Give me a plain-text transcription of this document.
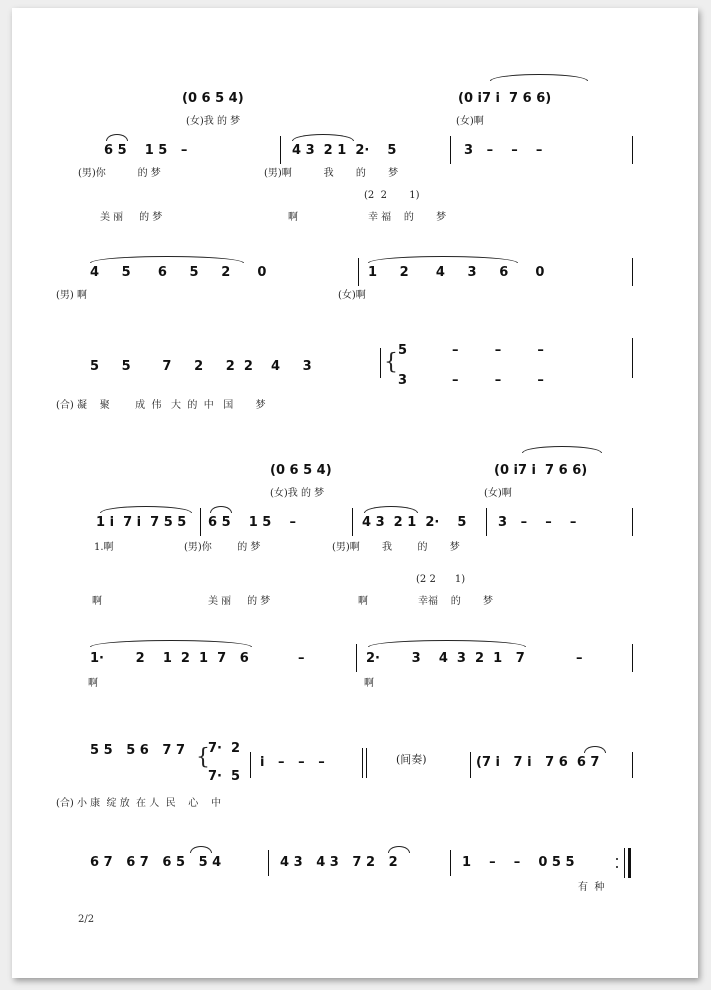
(0 6 5 4)
(女)我 的 梦
(0 i7 i  7 6 6)
(女)啊
6 5    1 5   –	4 3  2 1  2·    5	3   –    –    –
(男)你          的 梦	(男)啊          我       的       梦
(2  2       1)
美 丽     的 梦	啊	幸 福    的       梦
4     5      6     5     2      0	1     2      4     3     6      0
(男) 啊	(女)啊
5     5       7     2     2  2    4     3	{ 5
3
–        –        –
–        –        –
(合) 凝    聚        成  伟   大  的  中   国       梦
(0 6 5 4)
(女)我 的 梦
(0 i7 i  7 6 6)
(女)啊
1 i  7 i  7 5 5 6 5    1 5    –	4 3  2 1  2·    5 3   –    –    –
1.啊	(男)你        的 梦	(男)啊       我        的       梦
(2 2      1)
啊	美 丽     的 梦	啊	幸福    的       梦
1·       2    1  2  1  7   6	–	2·       3    4  3  2  1   7	–
啊	啊
5 5   5 6   7 7 {
7·  2
7·  5
i   –   –   –	(间奏)	(7 i   7 i   7 6  6 7
(合) 小 康  绽 放  在 人  民    心    中
6 7   6 7   6 5   5 4	4 3   4 3   7 2   2	1    –    –    0 5 5
有  种
2/2
